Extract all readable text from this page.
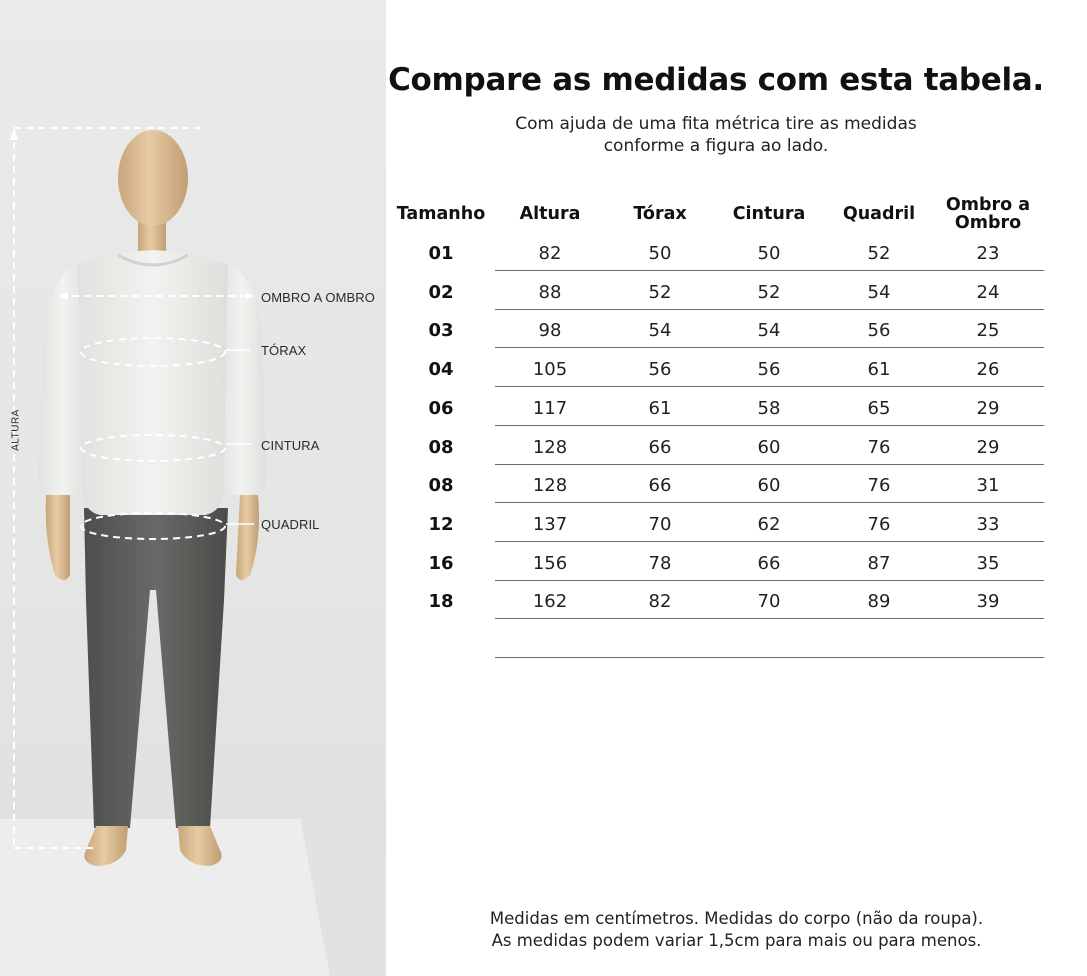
OMBRO A OMBRO
TÓRAX
CINTURA
QUADRIL
ALTURA
Compare as medidas com esta tabela.
Com ajuda de uma fita métrica tire as medidas
conforme a figura ao lado.
Tamanho	Altura	Tórax	Cintura	Quadril	Ombro a
Ombro
01	82	50	50	52	23
02	88	52	52	54	24
03	98	54	54	56	25
04	105	56	56	61	26
06	117	61	58	65	29
08	128	66	60	76	29
08	128	66	60	76	31
12	137	70	62	76	33
16	156	78	66	87	35
18	162	82	70	89	39
Medidas em centímetros. Medidas do corpo (não da roupa).
As medidas podem variar 1,5cm para mais ou para menos.
